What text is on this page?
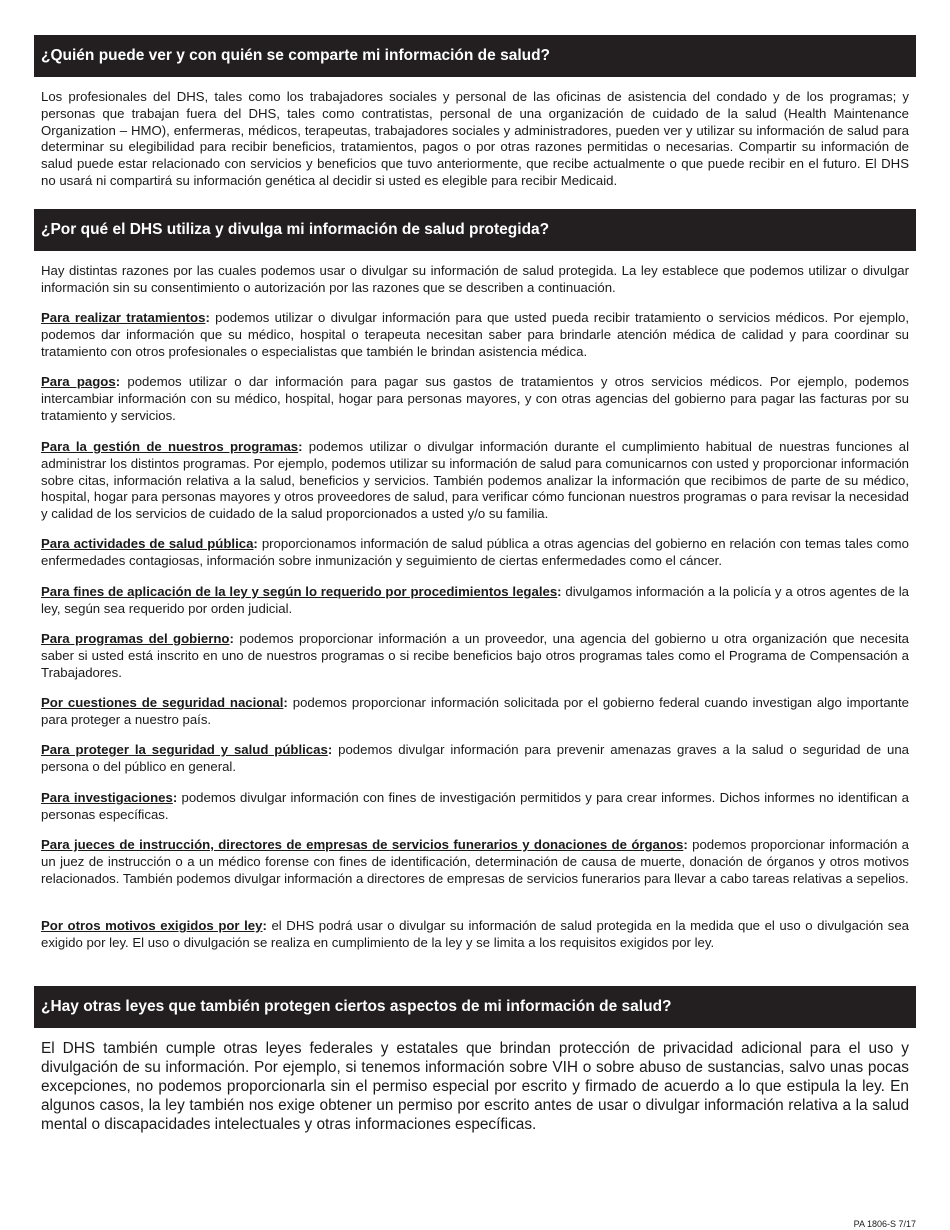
¿Quién puede ver y con quién se comparte mi información de salud?

Los profesionales del DHS, tales como los trabajadores sociales y personal de las oficinas de asistencia del condado y de los programas; y personas que trabajan fuera del DHS, tales como contratistas, personal de una organización de cuidado de la salud (Health Maintenance Organization – HMO), enfermeras, médicos, terapeutas, trabajadores sociales y administradores, pueden ver y utilizar su información de salud para determinar su elegibilidad para recibir beneficios, tratamientos, pagos o por otras razones permitidas o necesarias. Compartir su información de salud puede estar relacionado con servicios y beneficios que tuvo anteriormente, que recibe actualmente o que puede recibir en el futuro. El DHS no usará ni compartirá su información genética al decidir si usted es elegible para recibir Medicaid.

¿Por qué el DHS utiliza y divulga mi información de salud protegida?

Hay distintas razones por las cuales podemos usar o divulgar su información de salud protegida. La ley establece que podemos utilizar o divulgar información sin su consentimiento o autorización por las razones que se describen a continuación.

Para realizar tratamientos: podemos utilizar o divulgar información para que usted pueda recibir tratamiento o servicios médicos. Por ejemplo, podemos dar información que su médico, hospital o terapeuta necesitan saber para brindarle atención médica de calidad y para coordinar su tratamiento con otros profesionales o especialistas que también le brindan asistencia médica.

Para pagos: podemos utilizar o dar información para pagar sus gastos de tratamientos y otros servicios médicos. Por ejemplo, podemos intercambiar información con su médico, hospital, hogar para personas mayores, y con otras agencias del gobierno para pagar las facturas por su tratamiento y servicios.

Para la gestión de nuestros programas: podemos utilizar o divulgar información durante el cumplimiento habitual de nuestras funciones al administrar los distintos programas. Por ejemplo, podemos utilizar su información de salud para comunicarnos con usted y proporcionar información sobre citas, información relativa a la salud, beneficios y servicios. También podemos analizar la información que recibimos de parte de su médico, hospital, hogar para personas mayores y otros proveedores de salud, para verificar cómo funcionan nuestros programas o para revisar la necesidad y calidad de los servicios de cuidado de la salud proporcionados a usted y/o su familia.

Para actividades de salud pública: proporcionamos información de salud pública a otras agencias del gobierno en relación con temas tales como enfermedades contagiosas, información sobre inmunización y seguimiento de ciertas enfermedades como el cáncer.

Para fines de aplicación de la ley y según lo requerido por procedimientos legales: divulgamos información a la policía y a otros agentes de la ley, según sea requerido por orden judicial.

Para programas del gobierno: podemos proporcionar información a un proveedor, una agencia del gobierno u otra organización que necesita saber si usted está inscrito en uno de nuestros programas o si recibe beneficios bajo otros programas tales como el Programa de Compensación a Trabajadores.

Por cuestiones de seguridad nacional: podemos proporcionar información solicitada por el gobierno federal cuando investigan algo importante para proteger a nuestro país.

Para proteger la seguridad y salud públicas: podemos divulgar información para prevenir amenazas graves a la salud o seguridad de una persona o del público en general.

Para investigaciones: podemos divulgar información con fines de investigación permitidos y para crear informes. Dichos informes no identifican a personas específicas.

Para jueces de instrucción, directores de empresas de servicios funerarios y donaciones de órganos: podemos proporcionar información a un juez de instrucción o a un médico forense con fines de identificación, determinación de causa de muerte, donación de órganos y otros motivos relacionados. También podemos divulgar información a directores de empresas de servicios funerarios para llevar a cabo tareas relativas a sepelios.

Por otros motivos exigidos por ley: el DHS podrá usar o divulgar su información de salud protegida en la medida que el uso o divulgación sea exigido por ley. El uso o divulgación se realiza en cumplimiento de la ley y se limita a los requisitos exigidos por ley.

¿Hay otras leyes que también protegen ciertos aspectos de mi información de salud?

El DHS también cumple otras leyes federales y estatales que brindan protección de privacidad adicional para el uso y divulgación de su información. Por ejemplo, si tenemos información sobre VIH o sobre abuso de sustancias, salvo unas pocas excepciones, no podemos proporcionarla sin el permiso especial por escrito y firmado de acuerdo a lo que estipula la ley. En algunos casos, la ley también nos exige obtener un permiso por escrito antes de usar o divulgar información relativa a la salud mental o discapacidades intelectuales y otras informaciones específicas.

PA 1806-S 7/17
